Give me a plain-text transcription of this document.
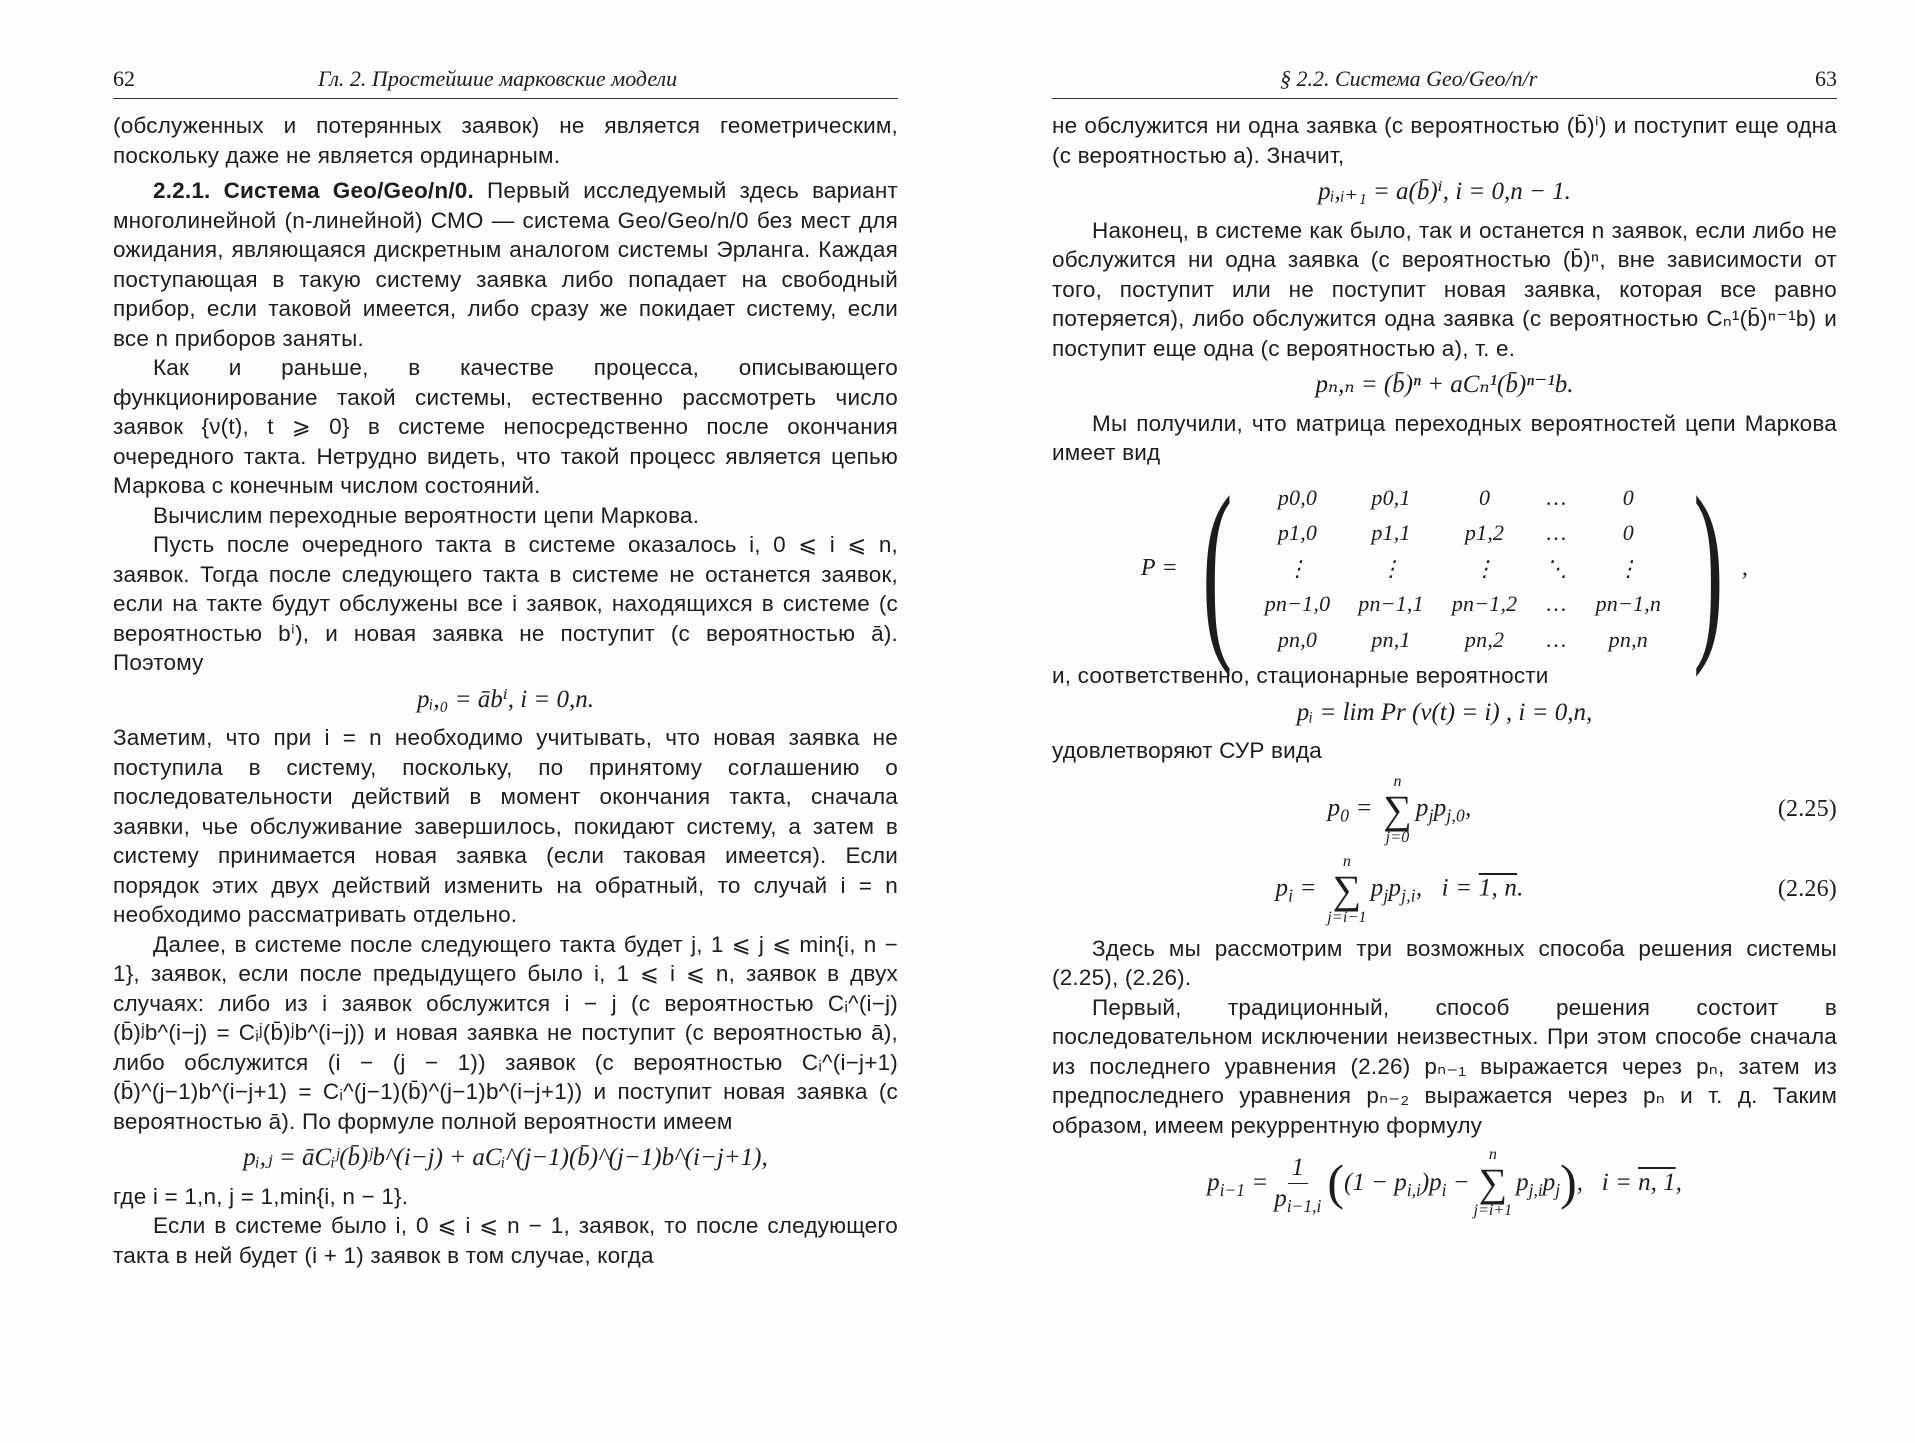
62	Гл. 2. Простейшие марковские модели

(обслуженных и потерянных заявок) не является геометрическим, поскольку даже не является ординарным.

2.2.1. Система Geo/Geo/n/0. Первый исследуемый здесь вариант многолинейной (n-линейной) СМО — система Geo/Geo/n/0 без мест для ожидания, являющаяся дискретным аналогом системы Эрланга. Каждая поступающая в такую систему заявка либо попадает на свободный прибор, если таковой имеется, либо сразу же покидает систему, если все n приборов заняты.

Как и раньше, в качестве процесса, описывающего функционирование такой системы, естественно рассмотреть число заявок {ν(t), t ⩾ 0} в системе непосредственно после окончания очередного такта. Нетрудно видеть, что такой процесс является цепью Маркова с конечным числом состояний.

Вычислим переходные вероятности цепи Маркова.

Пусть после очередного такта в системе оказалось i, 0 ⩽ i ⩽ n, заявок. Тогда после следующего такта в системе не останется заявок, если на такте будут обслужены все i заявок, находящихся в системе (с вероятностью bⁱ), и новая заявка не поступит (с вероятностью ā). Поэтому

pᵢ,₀ = ābⁱ, i = 0,n.

Заметим, что при i = n необходимо учитывать, что новая заявка не поступила в систему, поскольку, по принятому соглашению о последовательности действий в момент окончания такта, сначала заявки, чье обслуживание завершилось, покидают систему, а затем в систему принимается новая заявка (если таковая имеется). Если порядок этих двух действий изменить на обратный, то случай i = n необходимо рассматривать отдельно.

Далее, в системе после следующего такта будет j, 1 ⩽ j ⩽ min{i, n − 1}, заявок, если после предыдущего было i, 1 ⩽ i ⩽ n, заявок в двух случаях: либо из i заявок обслужится i − j (с вероятностью Cᵢ^(i−j)(b̄)ʲb^(i−j) = Cᵢʲ(b̄)ʲb^(i−j)) и новая заявка не поступит (с вероятностью ā), либо обслужится (i − (j − 1)) заявок (с вероятностью Cᵢ^(i−j+1)(b̄)^(j−1)b^(i−j+1) = Cᵢ^(j−1)(b̄)^(j−1)b^(i−j+1)) и поступит новая заявка (с вероятностью ā). По формуле полной вероятности имеем

pᵢ,ⱼ = āCᵢʲ(b̄)ʲb^(i−j) + aCᵢ^(j−1)(b̄)^(j−1)b^(i−j+1),

где i = 1,n, j = 1,min{i, n − 1}.

Если в системе было i, 0 ⩽ i ⩽ n − 1, заявок, то после следующего такта в ней будет (i + 1) заявок в том случае, когда

§ 2.2. Система Geo/Geo/n/r	63

не обслужится ни одна заявка (с вероятностью (b̄)ⁱ) и поступит еще одна (с вероятностью a). Значит,

pᵢ,ᵢ₊₁ = a(b̄)ⁱ, i = 0,n − 1.

Наконец, в системе как было, так и останется n заявок, если либо не обслужится ни одна заявка (с вероятностью (b̄)ⁿ, вне зависимости от того, поступит или не поступит новая заявка, которая все равно потеряется), либо обслужится одна заявка (с вероятностью Cₙ¹(b̄)ⁿ⁻¹b) и поступит еще одна (с вероятностью a), т. е.

pₙ,ₙ = (b̄)ⁿ + aCₙ¹(b̄)ⁿ⁻¹b.

Мы получили, что матрица переходных вероятностей цепи Маркова имеет вид

P = ( p0,0	p0,1	0	…	0
p1,0	p1,1	p1,2	…	0
⋮	⋮	⋮	⋱	⋮
pn−1,0	pn−1,1	pn−1,2	…	pn−1,n
pn,0	pn,1	pn,2	…	pn,n ) ,

и, соответственно, стационарные вероятности

pᵢ = lim Pr (ν(t) = i) , i = 0,n,

удовлетворяют СУР вида

$p_0$ =
n
∑
j=0
$p_jp_{j,0}$,	(2.25)
$p_i$ =
n
∑
j=i−1
$p_jp_{j,i}$,   i = 1, n.	(2.26)

Здесь мы рассмотрим три возможных способа решения системы (2.25), (2.26).

Первый, традиционный, способ решения состоит в последовательном исключении неизвестных. При этом способе сначала из последнего уравнения (2.26) pₙ₋₁ выражается через pₙ, затем из предпоследнего уравнения pₙ₋₂ выражается через pₙ и т. д. Таким образом, имеем рекуррентную формулу

$p_{i-1} = \frac{1}{p_{i-1,i}}$ ( $(1 - p_{i,i})p_i$ −
n
∑
j=i+1
$p_{j,i}p_j$ ) ,   i = n, 1,
